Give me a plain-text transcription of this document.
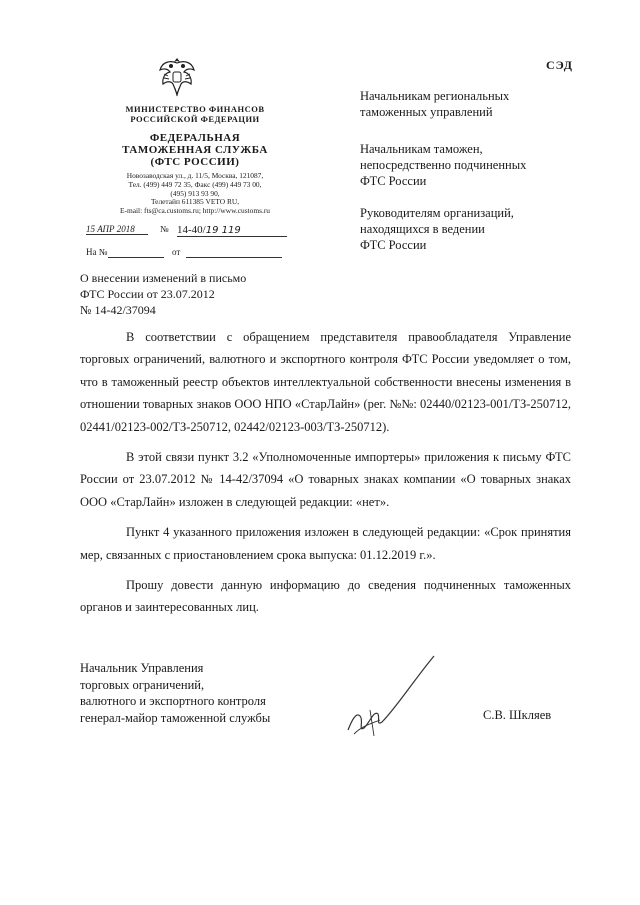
СЭД
МИНИСТЕРСТВО ФИНАНСОВ
РОССИЙСКОЙ ФЕДЕРАЦИИ
ФЕДЕРАЛЬНАЯ
ТАМОЖЕННАЯ СЛУЖБА
(ФТС РОССИИ)
Новозаводская ул., д. 11/5, Москва, 121087,
Тел. (499) 449 72 35, Факс (499) 449 73 00,
(495) 913 93 90,
Телетайп 611385 VETO RU,
E-mail: fts@ca.customs.ru; http://www.customs.ru
15 АПР 2018	№ 14-40/19 119
На №	от
О внесении изменений в письмо
ФТС России от 23.07.2012
№ 14-42/37094
Начальникам региональных
таможенных управлений
Начальникам таможен,
непосредственно подчиненных
ФТС России
Руководителям организаций,
находящихся в ведении
ФТС России

В соответствии с обращением представителя правообладателя Управление торговых ограничений, валютного и экспортного контроля ФТС России уведомляет о том, что в таможенный реестр объектов интеллектуальной собственности внесены изменения в отношении товарных знаков ООО НПО «СтарЛайн» (рег. №№: 02440/02123-001/ТЗ-250712, 02441/02123-002/ТЗ-250712, 02442/02123-003/ТЗ-250712).

В этой связи пункт 3.2 «Уполномоченные импортеры» приложения к письму ФТС России от 23.07.2012 № 14-42/37094 «О товарных знаках компании «О товарных знаках ООО «СтарЛайн» изложен в следующей редакции: «нет».

Пункт 4 указанного приложения изложен в следующей редакции: «Срок принятия мер, связанных с приостановлением срока выпуска: 01.12.2019 г.».

Прошу довести данную информацию до сведения подчиненных таможенных органов и заинтересованных лиц.

Начальник Управления
торговых ограничений,
валютного и экспортного контроля
генерал-майор таможенной службы	С.В. Шкляев
